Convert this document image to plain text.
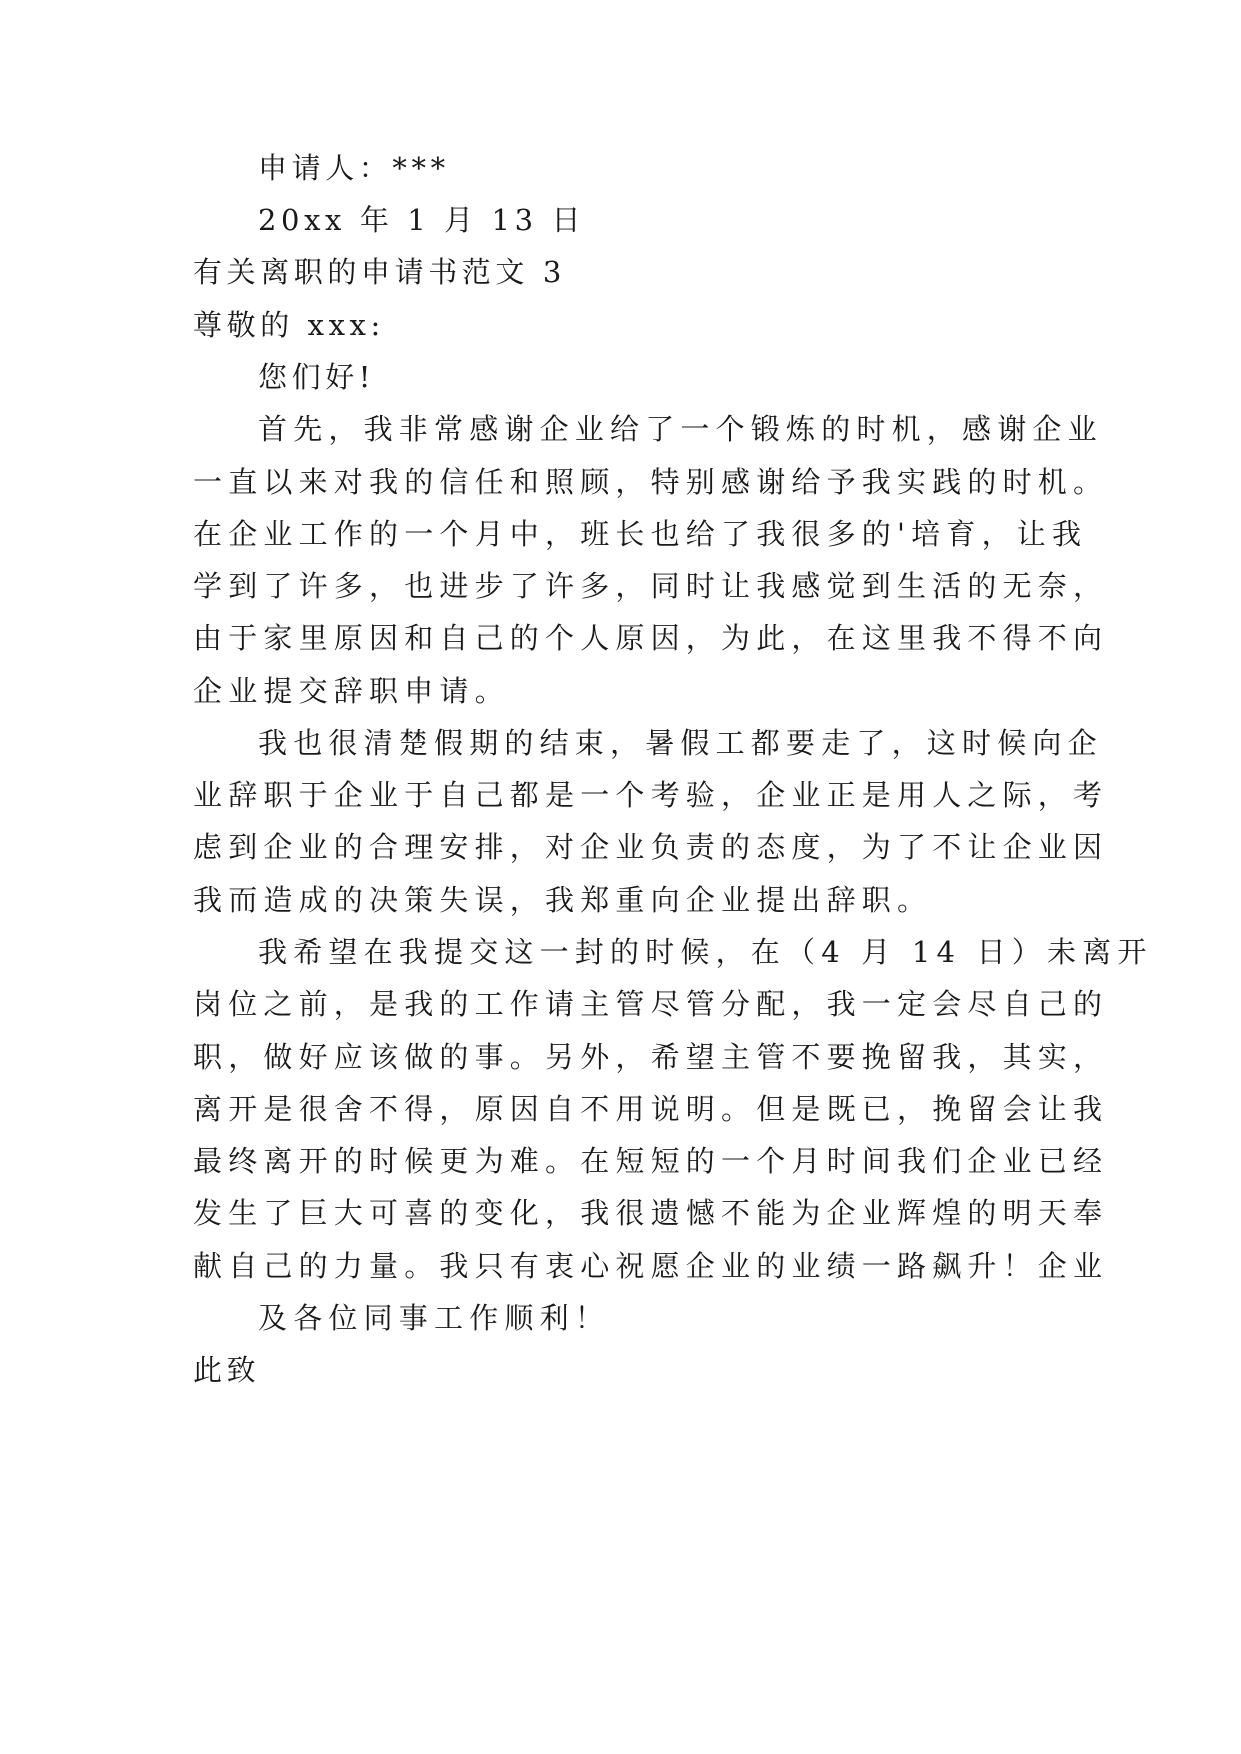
申请人：***
20xx 年 1 月 13 日
有关离职的申请书范文 3
尊敬的 xxx:
您们好!
首先，我非常感谢企业给了一个锻炼的时机，感谢企业
一直以来对我的信任和照顾，特别感谢给予我实践的时机。
在企业工作的一个月中，班长也给了我很多的'培育，让我
学到了许多，也进步了许多，同时让我感觉到生活的无奈，
由于家里原因和自己的个人原因，为此，在这里我不得不向
企业提交辞职申请。
我也很清楚假期的结束，暑假工都要走了，这时候向企
业辞职于企业于自己都是一个考验，企业正是用人之际，考
虑到企业的合理安排，对企业负责的态度，为了不让企业因
我而造成的决策失误，我郑重向企业提出辞职。
我希望在我提交这一封的时候，在（4 月 14 日）未离开
岗位之前，是我的工作请主管尽管分配，我一定会尽自己的
职，做好应该做的事。另外，希望主管不要挽留我，其实，
离开是很舍不得，原因自不用说明。但是既已，挽留会让我
最终离开的时候更为难。在短短的一个月时间我们企业已经
发生了巨大可喜的变化，我很遗憾不能为企业辉煌的明天奉
献自己的力量。我只有衷心祝愿企业的业绩一路飙升！企业
及各位同事工作顺利！
此致
